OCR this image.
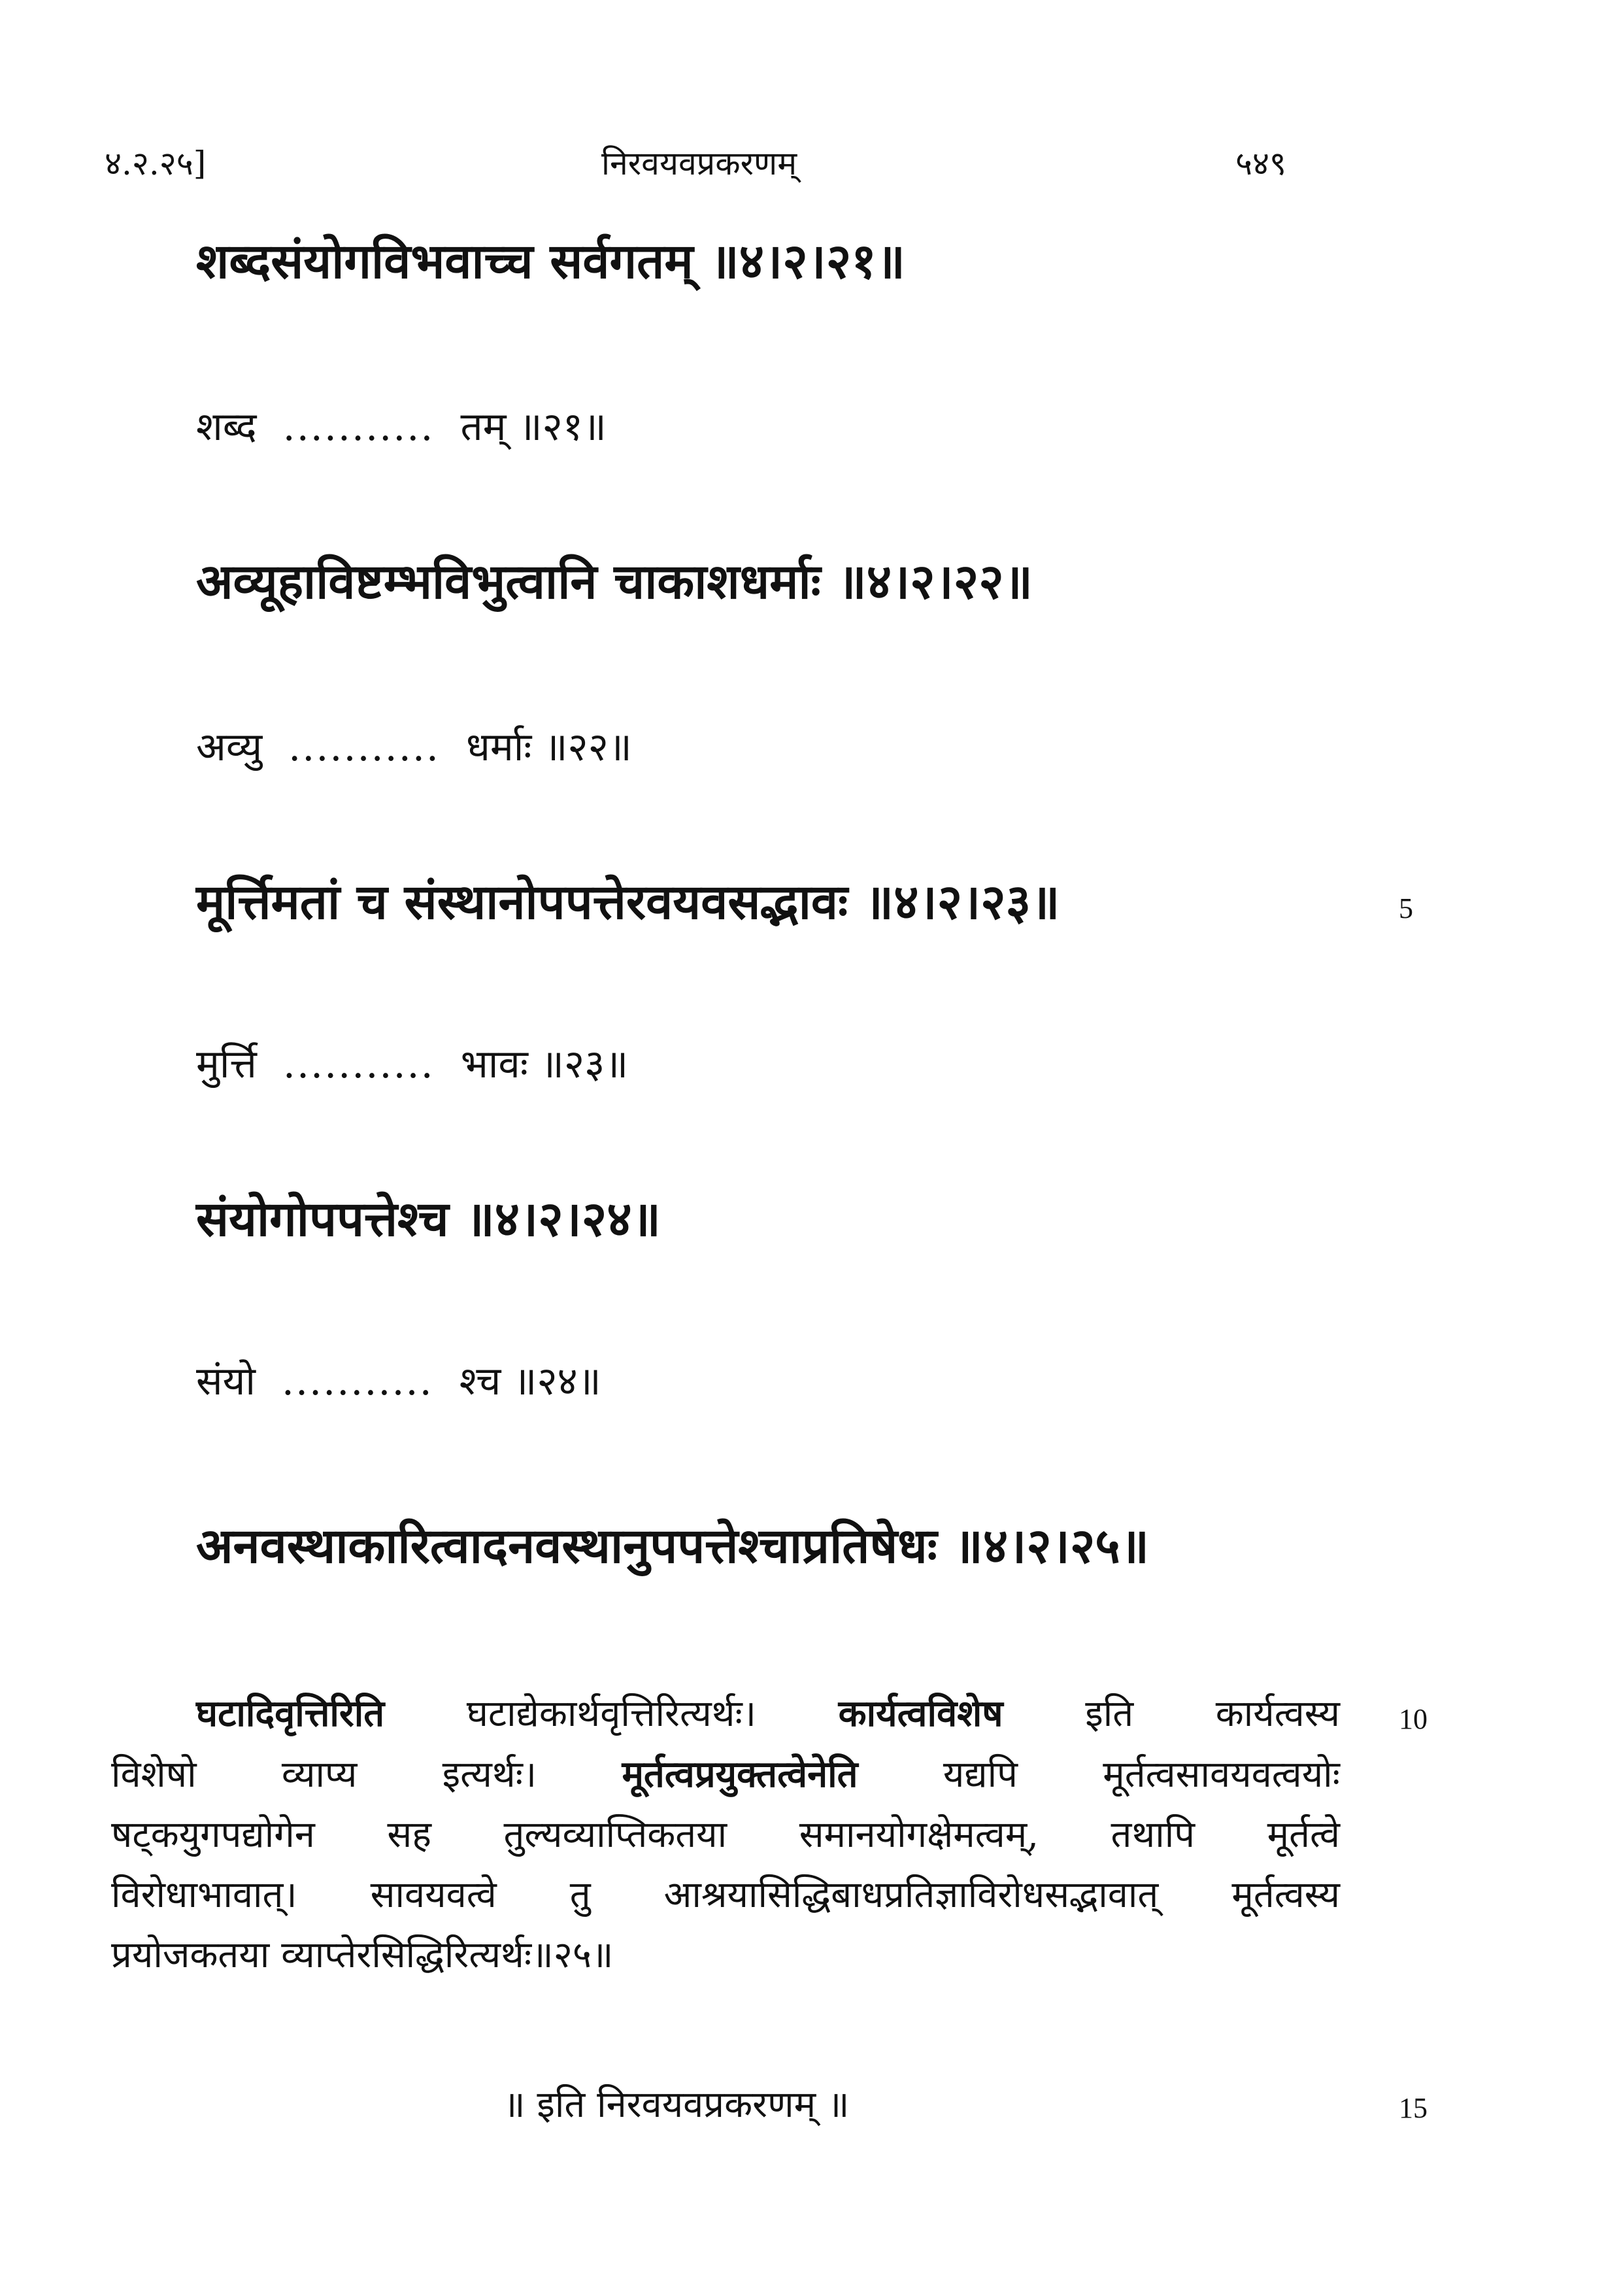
४.२.२५]	निरवयवप्रकरणम्	५४९
शब्दसंयोगविभवाच्च सर्वगतम् ॥४।२।२१॥
शब्द ........... तम् ॥२१॥
अव्यूहाविष्टम्भविभुत्वानि चाकाशधर्माः ॥४।२।२२॥
अव्यु ........... धर्माः ॥२२॥
मूर्त्तिमतां च संस्थानोपपत्तेरवयवसद्भावः ॥४।२।२३॥	5
मुर्त्ति ........... भावः ॥२३॥
संयोगोपपत्तेश्च ॥४।२।२४॥
संयो ........... श्च ॥२४॥
अनवस्थाकारित्वादनवस्थानुपपत्तेश्चाप्रतिषेधः ॥४।२।२५॥
घटादिवृत्तिरिति घटाद्येकार्थवृत्तिरित्यर्थः। कार्यत्वविशेष इति कार्यत्वस्य
विशेषो व्याप्य इत्यर्थः। मूर्तत्वप्रयुक्तत्वेनेति यद्यपि मूर्तत्वसावयवत्वयोः
षट्कयुगपद्योगेन सह तुल्यव्याप्तिकतया समानयोगक्षेमत्वम्, तथापि मूर्तत्वे
विरोधाभावात्। सावयवत्वे तु आश्रयासिद्धिबाधप्रतिज्ञाविरोधसद्भावात् मूर्तत्वस्य
प्रयोजकतया व्याप्तेरसिद्धिरित्यर्थः॥२५॥
10
॥ इति निरवयवप्रकरणम् ॥	15
